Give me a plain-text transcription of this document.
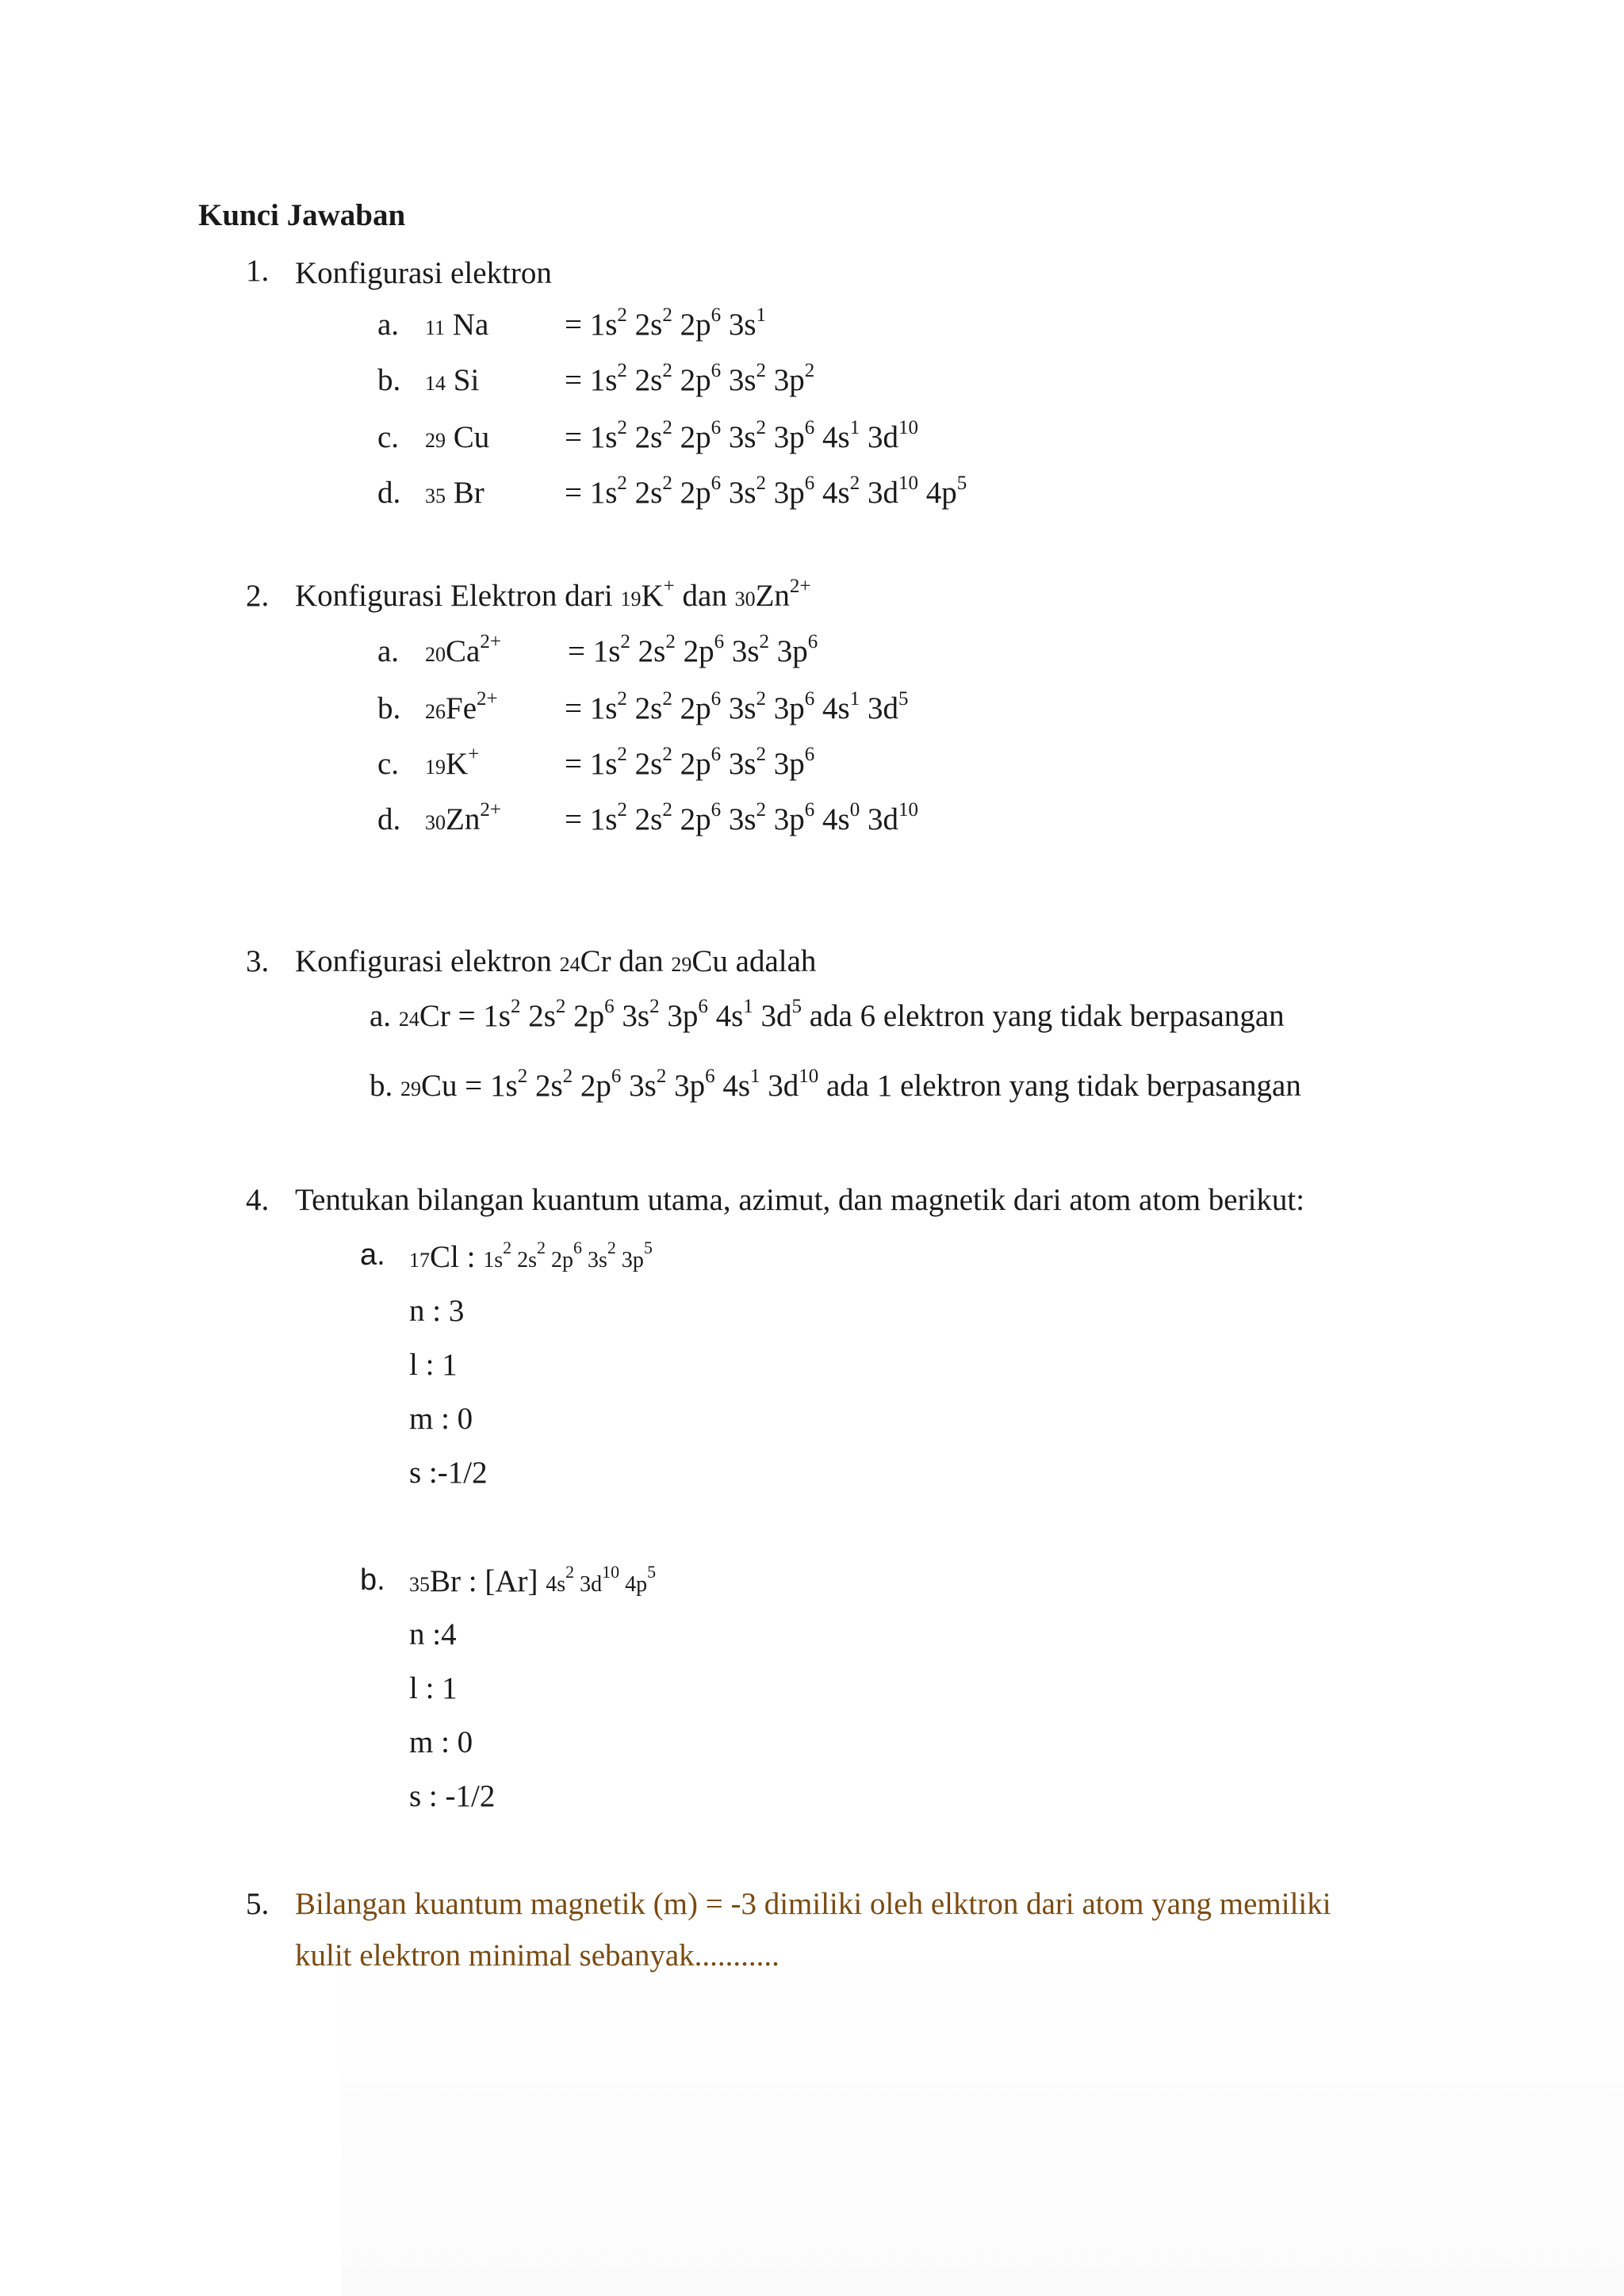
Kunci Jawaban
1. Konfigurasi elektron
a. 11 $Na = 1s^2$ $2s^2$ $2p^6$ $3s^1$
b. 14 Si	= $1s^2$ $2s^2$ $2p^6$ $3s^2$ $3p^2$
c. 29 $Cu = 1s^2$ $2s^2$ $2p^6$ $3s^2$ $3p^6$ $4s^1$ $3d^{10}$
d. 35 Br	= $1s^2$ $2s^2$ $2p^6$ $3s^2$ $3p^6$ $4s^2$ $3d^{10}$ $4p^5$
2. Konfigurasi Elektron dari 19K+ dan $30Zn^{2+}$
a. $20Ca^{2+} = 1s^2$ $2s^2$ $2p^6$ $3s^2$ $3p^6$
b. $26Fe^{2+} = 1s^2$ $2s^2$ $2p^6$ $3s^2$ $3p^6$ $4s^1$ $3d^5$
c. 19K+	= $1s^2$ $2s^2$ $2p^6$ $3s^2$ $3p^6$
d. $30Zn^{2+} = 1s^2$ $2s^2$ $2p^6$ $3s^2$ $3p^6$ $4s^0$ $3d^{10}$
3. Konfigurasi elektron 24Cr dan 29Cu adalah
a. $24Cr = 1s^2$ $2s^2$ $2p^6$ $3s^2$ $3p^6$ $4s^1$ $3d^5$ ada 6 elektron yang tidak berpasangan
b. $29Cu = 1s^2$ $2s^2$ $2p^6$ $3s^2$ $3p^6$ $4s^1$ $3d^{10}$ ada 1 elektron yang tidak berpasangan
4. Tentukan bilangan kuantum utama, azimut, dan magnetik dari atom atom berikut:
a. 17Cl : $1s^2$ $2s^2$ $2p^6$ $3s^2$ $3p^5$
n : 3
l : 1
m : 0
s :-1/2
b. 35Br : [Ar] $4s^2$ $3d^{10}$ $4p^5$
n :4
l : 1
m : 0
s : -1/2
5. Bilangan kuantum magnetik (m) = -3 dimiliki oleh elktron dari atom yang memiliki
kulit elektron minimal sebanyak...........
